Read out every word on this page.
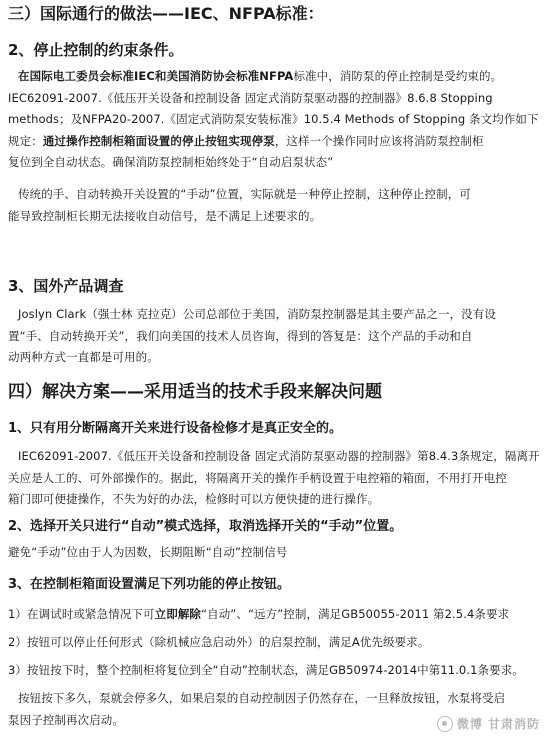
三）国际通行的做法——IEC、NFPA标准：
2、停止控制的约束条件。
在国际电工委员会标准IEC和美国消防协会标准NFPA标准中，消防泵的停止控制是受约束的。
IEC62091-2007.《低压开关设备和控制设备 固定式消防泵驱动器的控制器》8.6.8 Stopping
methods；及NFPA20-2007.《固定式消防泵安装标准》10.5.4 Methods of Stopping 条文均作如下
规定：通过操作控制柜箱面设置的停止按钮实现停泵，这样一个操作同时应该将消防泵控制柜
复位到全自动状态。确保消防泵控制柜始终处于“自动启泵状态”
传统的手、自动转换开关设置的“手动”位置，实际就是一种停止控制，这种停止控制，可
能导致控制柜长期无法接收自动信号，是不满足上述要求的。
3、国外产品调查
Joslyn Clark（强士林 克拉克）公司总部位于美国，消防泵控制器是其主要产品之一，没有设
置“手、自动转换开关”，我们向美国的技术人员咨询，得到的答复是：这个产品的手动和自
动两种方式一直都是可用的。
四）解决方案——采用适当的技术手段来解决问题
1、只有用分断隔离开关来进行设备检修才是真正安全的。
IEC62091-2007.《低压开关设备和控制设备 固定式消防泵驱动器的控制器》第8.4.3条规定，隔离开
关应是人工的、可外部操作的。据此，将隔离开关的操作手柄设置于电控箱的箱面，不用打开电控
箱门即可便捷操作，不失为好的办法，检修时可以方便快捷的进行操作。
2、选择开关只进行“自动”模式选择，取消选择开关的“手动”位置。
避免“手动”位由于人为因数，长期阻断“自动”控制信号
3、在控制柜箱面设置满足下列功能的停止按钮。
1）在调试时或紧急情况下可立即解除“自动”、“远方”控制，满足GB50055-2011 第2.5.4条要求
2）按钮可以停止任何形式（除机械应急启动外）的启泵控制，满足A优先级要求。
3）按钮按下时，整个控制柜将复位到全“自动”控制状态，满足GB50974-2014中第11.0.1条要求。
按钮按下多久，泵就会停多久，如果启泵的自动控制因子仍然存在，一旦释放按钮，水泵将受启
泵因子控制再次启动。	微博 甘肃消防
